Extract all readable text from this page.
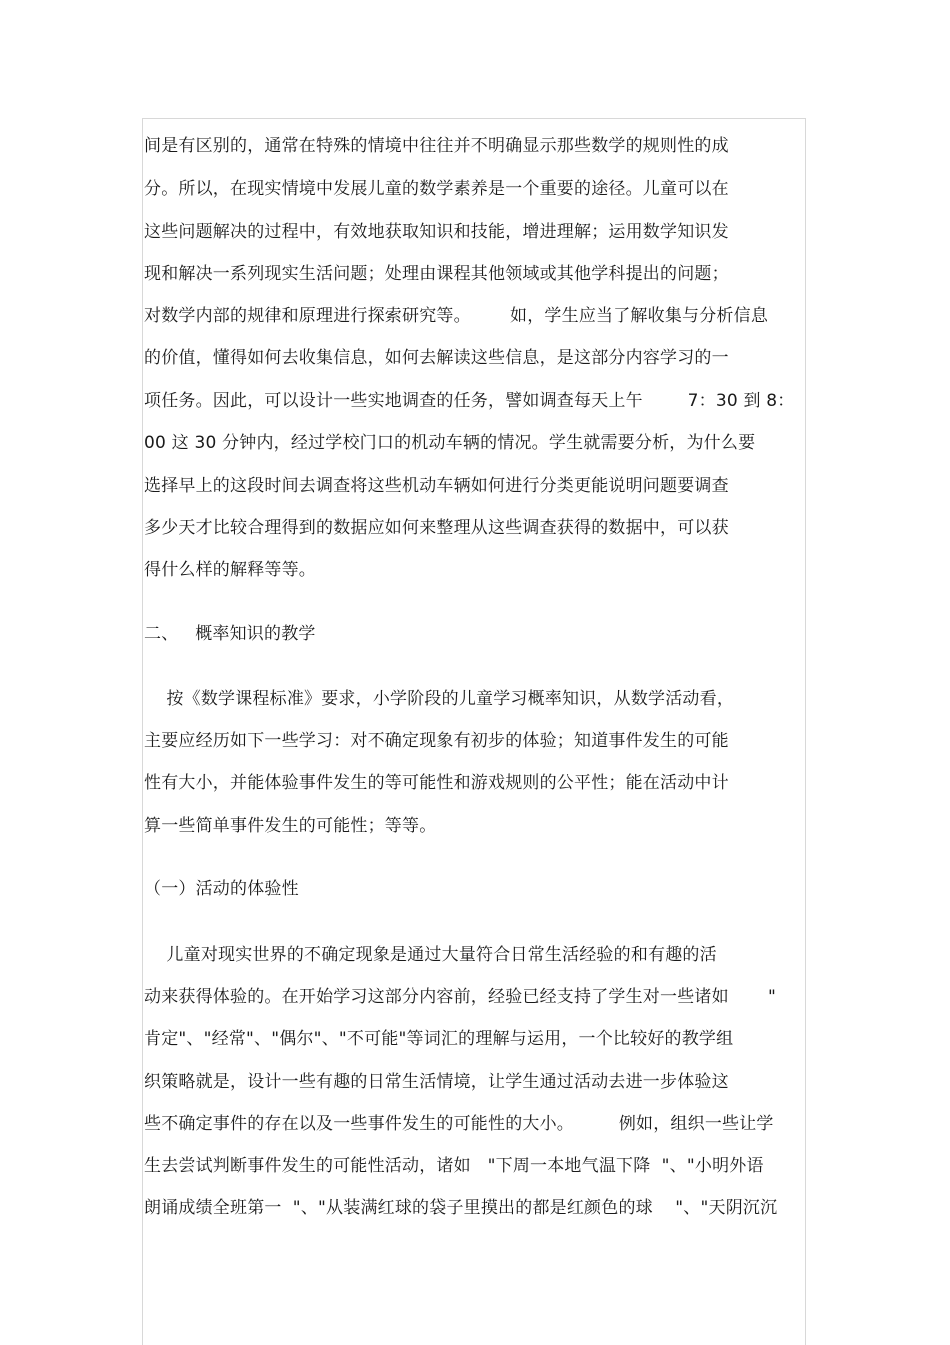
间是有区别的，通常在特殊的情境中往往并不明确显示那些数学的规则性的成
分。所以，在现实情境中发展儿童的数学素养是一个重要的途径。儿童可以在
这些问题解决的过程中，有效地获取知识和技能，增进理解；运用数学知识发
现和解决一系列现实生活问题；处理由课程其他领域或其他学科提出的问题；
对数学内部的规律和原理进行探索研究等。       如，学生应当了解收集与分析信息
的价值，懂得如何去收集信息，如何去解读这些信息，是这部分内容学习的一
项任务。因此，可以设计一些实地调查的任务，譬如调查每天上午        7：30 到 8：
00 这 30 分钟内，经过学校门口的机动车辆的情况。学生就需要分析，为什么要
选择早上的这段时间去调查将这些机动车辆如何进行分类更能说明问题要调查
多少天才比较合理得到的数据应如何来整理从这些调查获得的数据中，可以获
得什么样的解释等等。
二、   概率知识的教学
按《数学课程标准》要求，小学阶段的儿童学习概率知识，从数学活动看，
主要应经历如下一些学习：对不确定现象有初步的体验；知道事件发生的可能
性有大小，并能体验事件发生的等可能性和游戏规则的公平性；能在活动中计
算一些简单事件发生的可能性；等等。
（一）活动的体验性
儿童对现实世界的不确定现象是通过大量符合日常生活经验的和有趣的活
动来获得体验的。在开始学习这部分内容前，经验已经支持了学生对一些诸如       "
肯定"、"经常"、"偶尔"、"不可能"等词汇的理解与运用，一个比较好的教学组
织策略就是，设计一些有趣的日常生活情境，让学生通过活动去进一步体验这
些不确定事件的存在以及一些事件发生的可能性的大小。        例如，组织一些让学
生去尝试判断事件发生的可能性活动，诸如   "下周一本地气温下降  "、"小明外语
朗诵成绩全班第一  "、"从装满红球的袋子里摸出的都是红颜色的球    "、"天阴沉沉
